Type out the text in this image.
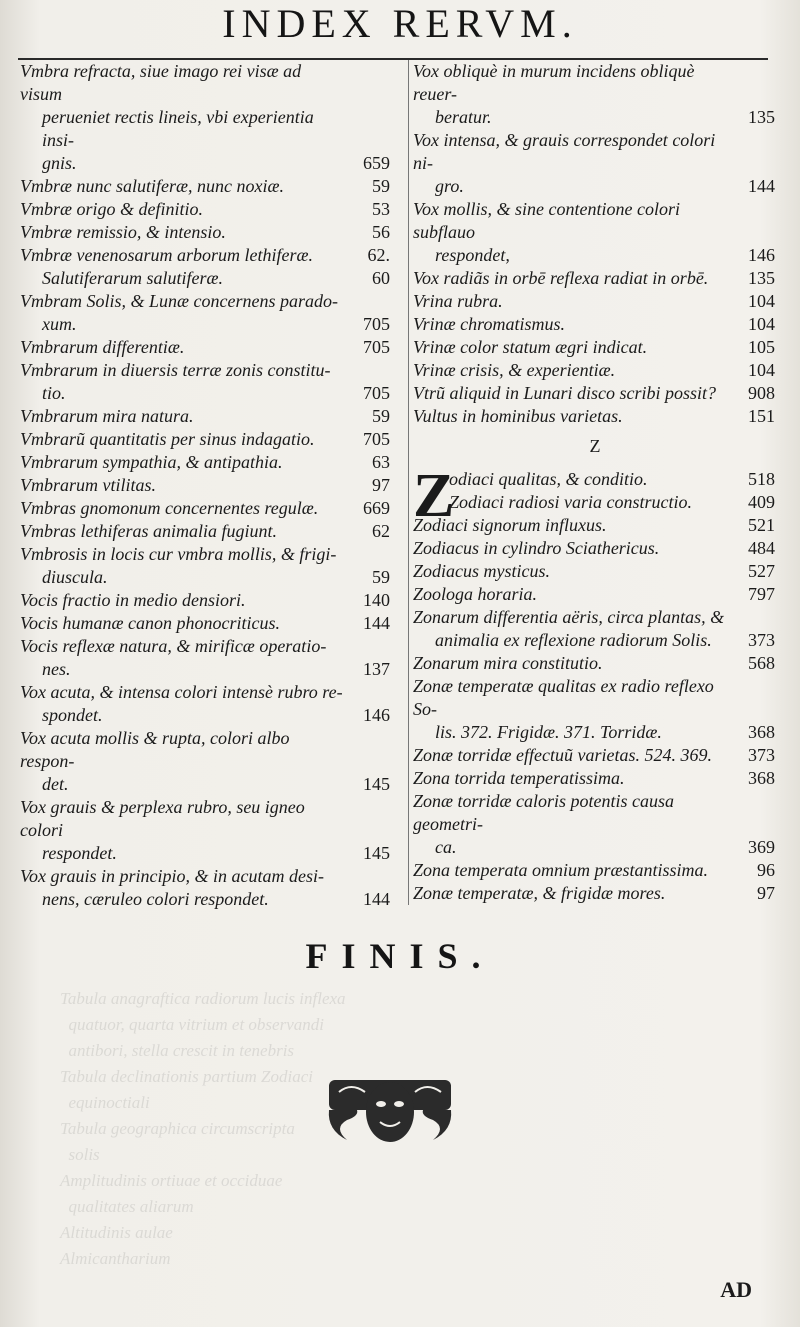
Tabula anagraftica radiorum lucis inflexa
quatuor, quarta vitrium et observandi
antibori, stella crescit in tenebris
Tabula declinationis partium Zodiaci
equinoctiali
Tabula geographica circumscripta
solis
Amplitudinis ortiuae et occiduae
qualitates aliarum
Altitudinis aulae
Almicantharium
INDEX RERVM.
Vmbra refracta, siue imago rei visæ ad visum
perueniet rectis lineis, vbi experientia insi-
gnis.	659
Vmbræ nunc salutiferæ, nunc noxiæ.	59
Vmbræ origo & definitio.	53
Vmbræ remissio, & intensio.	56
Vmbræ venenosarum arborum lethiferæ.	62.
Salutiferarum salutiferæ.	60
Vmbram Solis, & Lunæ concernens parado-
xum.	705
Vmbrarum differentiæ.	705
Vmbrarum in diuersis terræ zonis constitu-
tio.	705
Vmbrarum mira natura.	59
Vmbrarũ quantitatis per sinus indagatio.	705
Vmbrarum sympathia, & antipathia.	63
Vmbrarum vtilitas.	97
Vmbras gnomonum concernentes regulæ. 669
Vmbras lethiferas animalia fugiunt.	62
Vmbrosis in locis cur vmbra mollis, & frigi-
diuscula.	59
Vocis fractio in medio densiori.	140
Vocis humanæ canon phonocriticus.	144
Vocis reflexæ natura, & mirificæ operatio-
nes.	137
Vox acuta, & intensa colori intensè rubro re-
spondet.	146
Vox acuta mollis & rupta, colori albo respon-
det.	145
Vox grauis & perplexa rubro, seu igneo colori
respondet.	145
Vox grauis in principio, & in acutam desi-
nens, cæruleo colori respondet.	144
Vox obliquè in murum incidens obliquè reuer-
beratur.	135
Vox intensa, & grauis correspondet colori ni-
gro.	144
Vox mollis, & sine contentione colori subflauo
respondet,	146
Vox radiãs in orbē reflexa radiat in orbē. 135
Vrina rubra.	104
Vrinæ chromatismus.	104
Vrinæ color statum ægri indicat.	105
Vrinæ crisis, & experientiæ.	104
Vtrũ aliquid in Lunari disco scribi possit? 908
Vultus in hominibus varietas.	151
Z
Z
odiaci qualitas, & conditio.	518
Zodiaci radiosi varia constructio.	409
Zodiaci signorum influxus.	521
Zodiacus in cylindro Sciathericus.	484
Zodiacus mysticus.	527
Zoologa horaria.	797
Zonarum differentia aëris, circa plantas, &
animalia ex reflexione radiorum Solis.	373
Zonarum mira constitutio.	568
Zonæ temperatæ qualitas ex radio reflexo So-
lis. 372. Frigidæ. 371. Torridæ.	368
Zonæ torridæ effectuũ varietas. 524. 369. 373
Zona torrida temperatissima.	368
Zonæ torridæ caloris potentis causa geometri-
ca.	369
Zona temperata omnium præstantissima.	96
Zonæ temperatæ, & frigidæ mores.	97
FINIS.
AD
